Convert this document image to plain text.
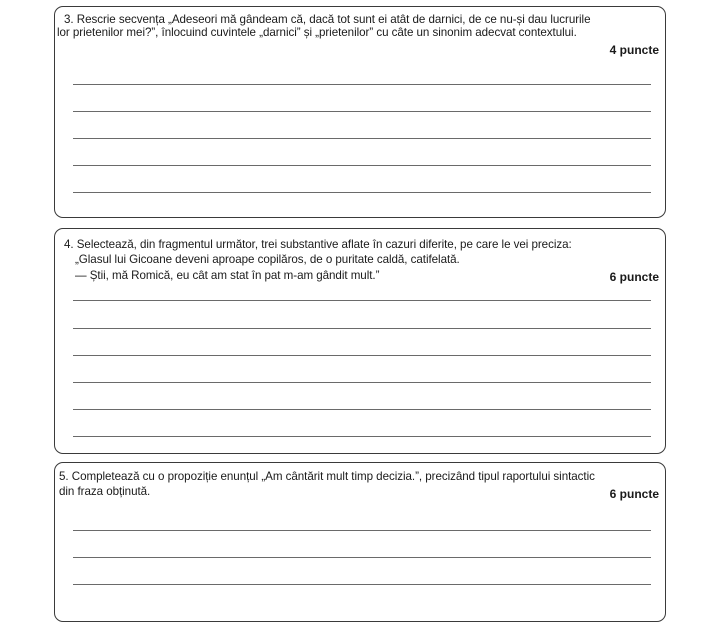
3. Rescrie secvența „Adeseori mă gândeam că, dacă tot sunt ei atât de darnici, de ce nu-și dau lucrurile
lor prietenilor mei?”, înlocuind cuvintele „darnici” și „prietenilor” cu câte un sinonim adecvat contextului.
4 puncte
4. Selectează, din fragmentul următor, trei substantive aflate în cazuri diferite, pe care le vei preciza:
„Glasul lui Gicoane deveni aproape copilăros, de o puritate caldă, catifelată.
— Știi, mă Romică, eu cât am stat în pat m-am gândit mult.”	6 puncte
5. Completează cu o propoziție enunțul „Am cântărit mult timp decizia.”, precizând tipul raportului sintactic
din fraza obținută.	6 puncte
